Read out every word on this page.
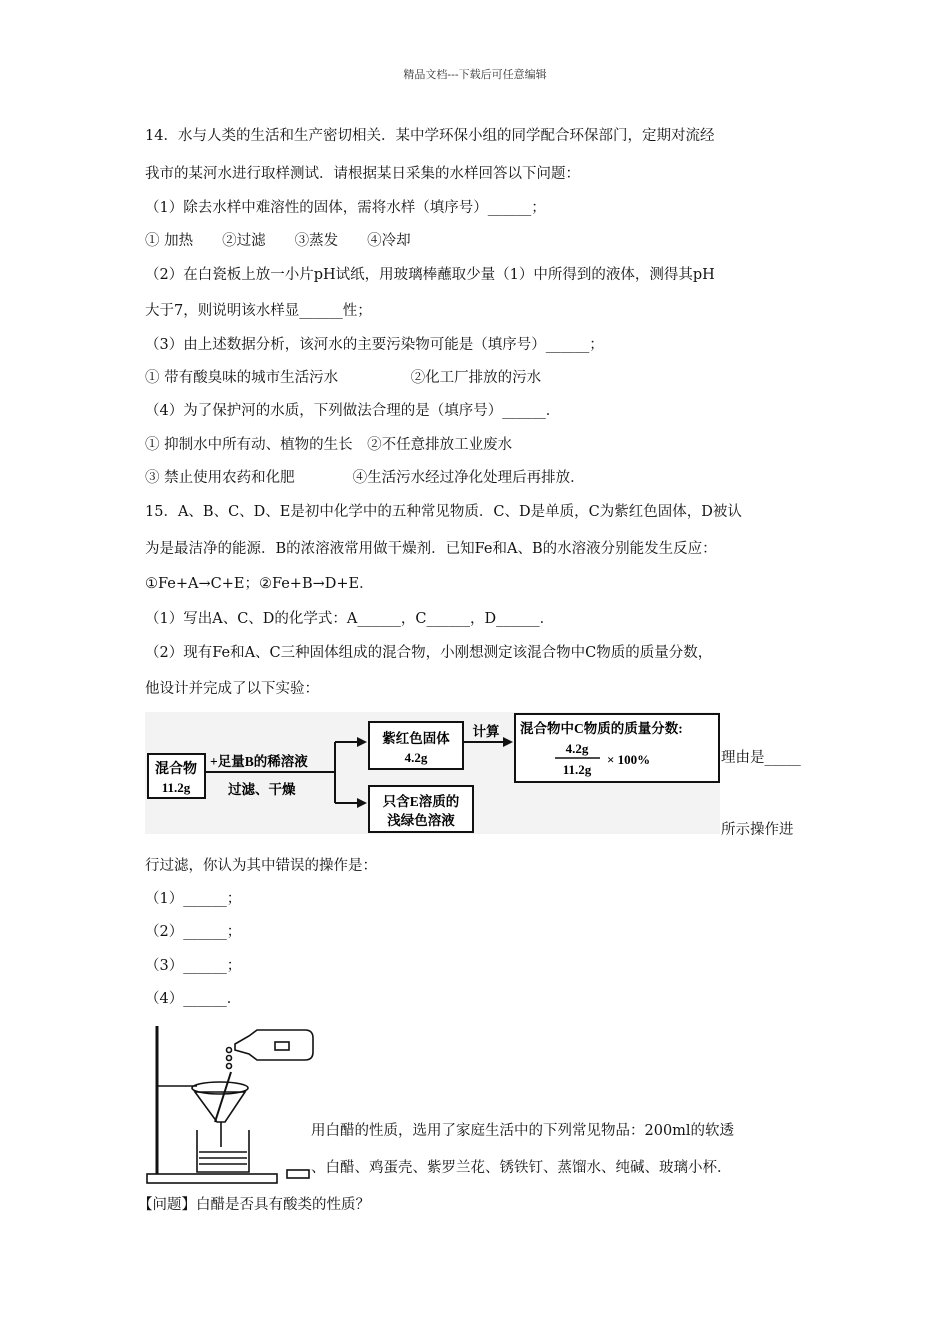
精品文档---下载后可任意编辑
14．水与人类的生活和生产密切相关．某中学环保小组的同学配合环保部门，定期对流经
我市的某河水进行取样测试．请根据某日采集的水样回答以下问题：
（1）除去水样中难溶性的固体，需将水样（填序号）______；
① 加热　　②过滤　　③蒸发　　④冷却
（2）在白瓷板上放一小片pH试纸，用玻璃棒蘸取少量（1）中所得到的液体，测得其pH
大于7，则说明该水样显______性；
（3）由上述数据分析，该河水的主要污染物可能是（填序号）______；
① 带有酸臭味的城市生活污水　　　　　②化工厂排放的污水
（4）为了保护河的水质，下列做法合理的是（填序号）______．
① 抑制水中所有动、植物的生长　②不任意排放工业废水
③ 禁止使用农药和化肥　　　　④生活污水经过净化处理后再排放．
15．A、B、C、D、E是初中化学中的五种常见物质．C、D是单质，C为紫红色固体，D被认
为是最洁净的能源．B的浓溶液常用做干燥剂．已知Fe和A、B的水溶液分别能发生反应：
①Fe+A→C+E；②Fe+B→D+E．
（1）写出A、C、D的化学式：A______，C______，D______．
（2）现有Fe和A、C三种固体组成的混合物，小刚想测定该混合物中C物质的质量分数，
他设计并完成了以下实验：
混合物
11.2g
+足量B的稀溶液
过滤、干燥
紫红色固体
4.2g
计算 混合物中C物质的质量分数:
4.2g
11.2g
× 100%
只含E溶质的
浅绿色溶液
理由是_____
所示操作进
行过滤，你认为其中错误的操作是：
（1）______；
（2）______；
（3）______；
（4）______．
用白醋的性质，选用了家庭生活中的下列常见物品：200ml的软透
、白醋、鸡蛋壳、紫罗兰花、锈铁钉、蒸馏水、纯碱、玻璃小杯．
【问题】白醋是否具有酸类的性质？
